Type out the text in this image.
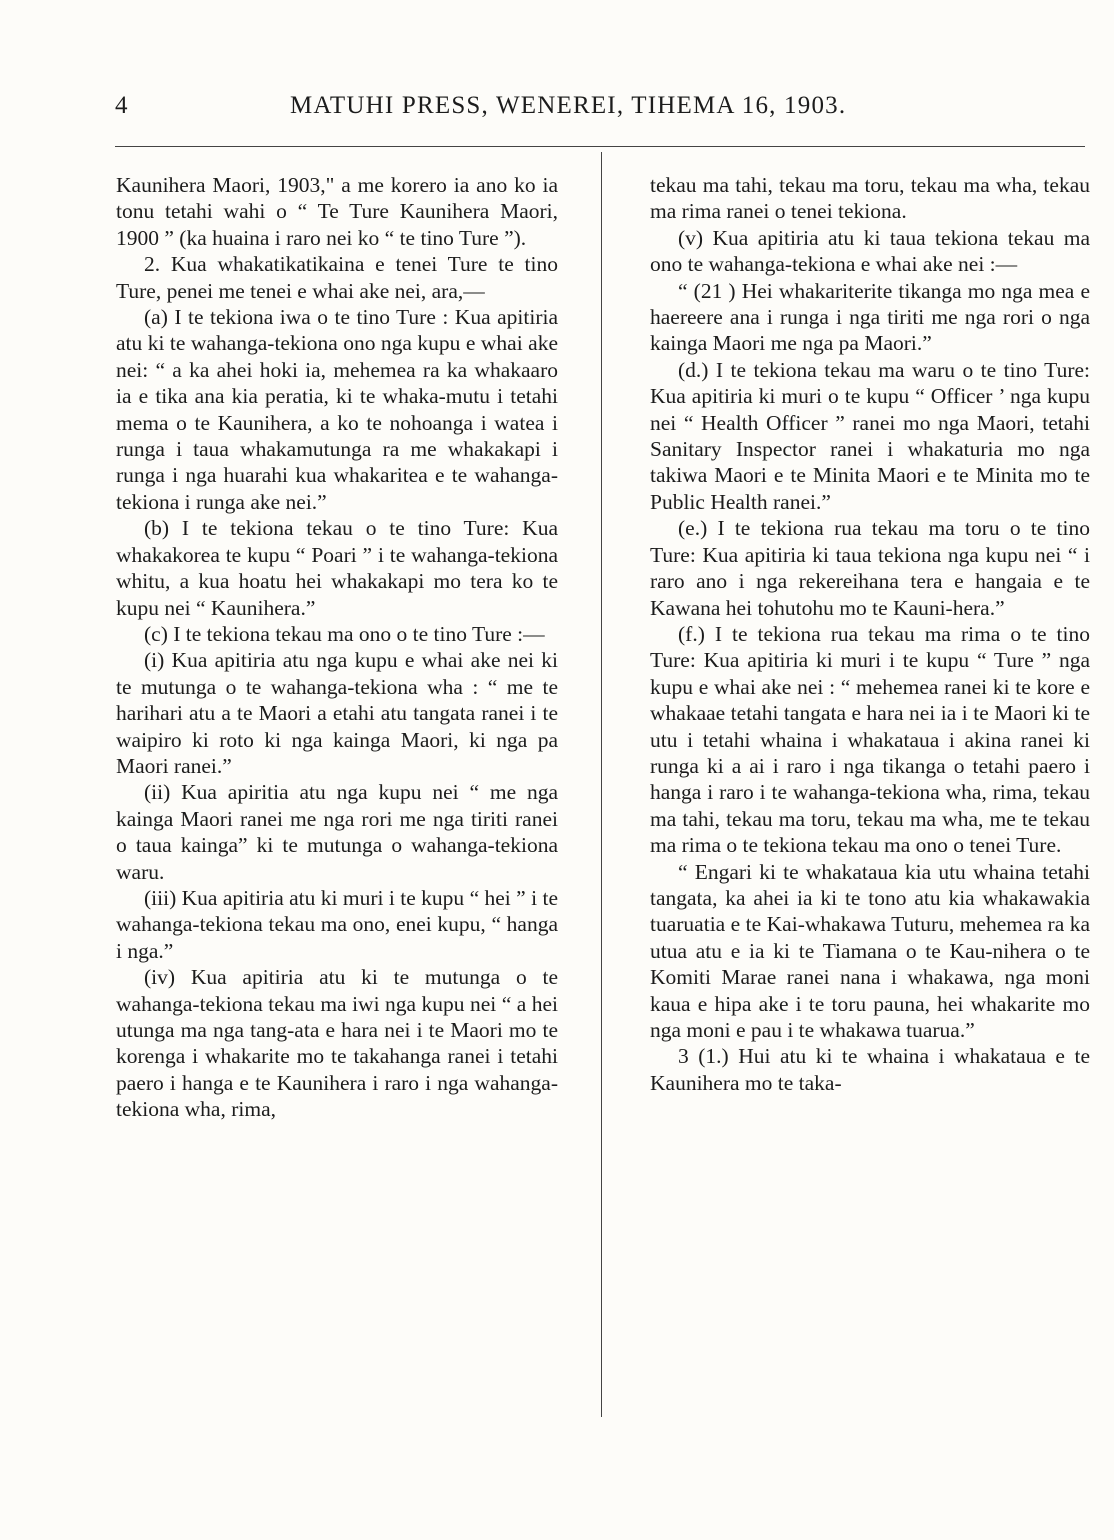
4	MATUHI PRESS, WENEREI, TIHEMA 16, 1903.

Kaunihera Maori, 1903," a me korero ia ano ko ia tonu tetahi wahi o “ Te Ture Kaunihera Maori, 1900 ” (ka huaina i raro nei ko “ te tino Ture ”).

2. Kua whakatikatikaina e tenei Ture te tino Ture, penei me tenei e whai ake nei, ara,—

(a) I te tekiona iwa o te tino Ture : Kua apitiria atu ki te wahanga-tekiona ono nga kupu e whai ake nei: “ a ka ahei hoki ia, mehemea ra ka whakaaro ia e tika ana kia peratia, ki te whaka-mutu i tetahi mema o te Kaunihera, a ko te nohoanga i watea i runga i taua whakamutunga ra me whakakapi i runga i nga huarahi kua whakaritea e te wahanga-tekiona i runga ake nei.”

(b) I te tekiona tekau o te tino Ture: Kua whakakorea te kupu “ Poari ” i te wahanga-tekiona whitu, a kua hoatu hei whakakapi mo tera ko te kupu nei “ Kaunihera.”

(c) I te tekiona tekau ma ono o te tino Ture :—

(i) Kua apitiria atu nga kupu e whai ake nei ki te mutunga o te wahanga-tekiona wha : “ me te harihari atu a te Maori a etahi atu tangata ranei i te waipiro ki roto ki nga kainga Maori, ki nga pa Maori ranei.”

(ii) Kua apiritia atu nga kupu nei “ me nga kainga Maori ranei me nga rori me nga tiriti ranei o taua kainga” ki te mutunga o wahanga-tekiona waru.

(iii) Kua apitiria atu ki muri i te kupu “ hei ” i te wahanga-tekiona tekau ma ono, enei kupu, “ hanga i nga.”

(iv) Kua apitiria atu ki te mutunga o te wahanga-tekiona tekau ma iwi nga kupu nei “ a hei utunga ma nga tang-ata e hara nei i te Maori mo te korenga i whakarite mo te takahanga ranei i tetahi paero i hanga e te Kaunihera i raro i nga wahanga-tekiona wha, rima,

tekau ma tahi, tekau ma toru, tekau ma wha, tekau ma rima ranei o tenei tekiona.

(v) Kua apitiria atu ki taua tekiona tekau ma ono te wahanga-tekiona e whai ake nei :—

“ (21 ) Hei whakariterite tikanga mo nga mea e haereere ana i runga i nga tiriti me nga rori o nga kainga Maori me nga pa Maori.”

(d.) I te tekiona tekau ma waru o te tino Ture: Kua apitiria ki muri o te kupu “ Officer ’ nga kupu nei “ Health Officer ” ranei mo nga Maori, tetahi Sanitary Inspector ranei i whakaturia mo nga takiwa Maori e te Minita Maori e te Minita mo te Public Health ranei.”

(e.) I te tekiona rua tekau ma toru o te tino Ture: Kua apitiria ki taua tekiona nga kupu nei “ i raro ano i nga rekereihana tera e hangaia e te Kawana hei tohutohu mo te Kauni-hera.”

(f.) I te tekiona rua tekau ma rima o te tino Ture: Kua apitiria ki muri i te kupu “ Ture ” nga kupu e whai ake nei : “ mehemea ranei ki te kore e whakaae tetahi tangata e hara nei ia i te Maori ki te utu i tetahi whaina i whakataua i akina ranei ki runga ki a ai i raro i nga tikanga o tetahi paero i hanga i raro i te wahanga-tekiona wha, rima, tekau ma tahi, tekau ma toru, tekau ma wha, me te tekau ma rima o te tekiona tekau ma ono o tenei Ture.

“ Engari ki te whakataua kia utu whaina tetahi tangata, ka ahei ia ki te tono atu kia whakawakia tuaruatia e te Kai-whakawa Tuturu, mehemea ra ka utua atu e ia ki te Tiamana o te Kau-nihera o te Komiti Marae ranei nana i whakawa, nga moni kaua e hipa ake i te toru pauna, hei whakarite mo nga moni e pau i te whakawa tuarua.”

3 (1.) Hui atu ki te whaina i whakataua e te Kaunihera mo te taka-
